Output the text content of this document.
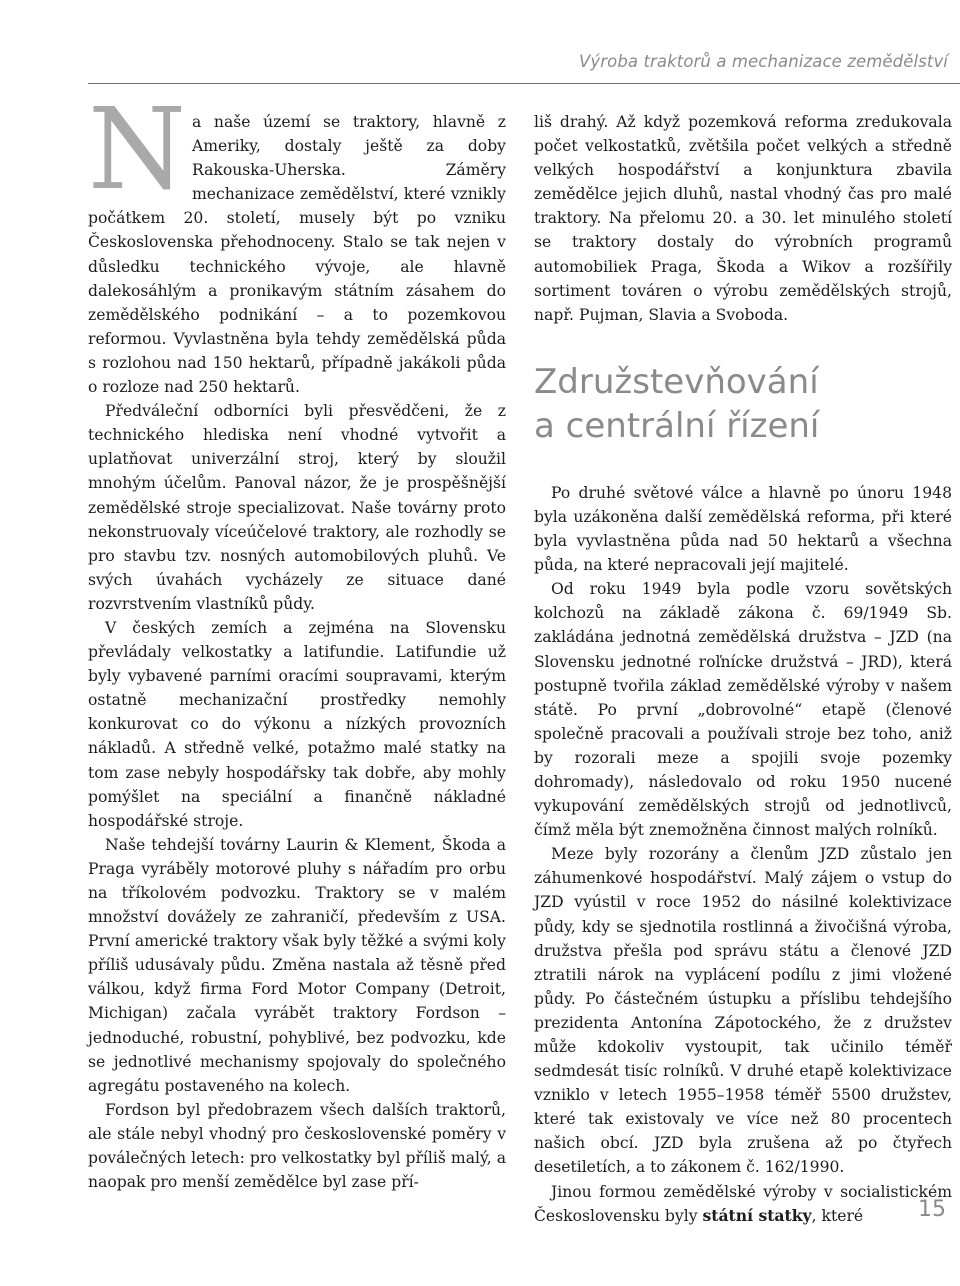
Výroba traktorů a mechanizace zemědělství

Na naše území se traktory, hlavně z Ameriky, dostaly ještě za doby Rakouska-Uherska. Záměry mechanizace zemědělství, které vznikly počátkem 20. století, musely být po vzniku Československa přehodnoceny. Stalo se tak nejen v důsledku technického vývoje, ale hlavně dalekosáhlým a pronikavým státním zásahem do zemědělského podnikání – a to pozemkovou reformou. Vyvlastněna byla tehdy zemědělská půda s rozlohou nad 150 hektarů, případně jakákoli půda o rozloze nad 250 hektarů.

Předváleční odborníci byli přesvědčeni, že z technického hlediska není vhodné vytvořit a uplatňovat univerzální stroj, který by sloužil mnohým účelům. Panoval názor, že je prospěšnější zemědělské stroje specializovat. Naše továrny proto nekonstruovaly víceúčelové traktory, ale rozhodly se pro stavbu tzv. nosných automobilových pluhů. Ve svých úvahách vycházely ze situace dané rozvrstvením vlastníků půdy.

V českých zemích a zejména na Slovensku převládaly velkostatky a latifundie. Latifundie už byly vybavené parními oracími soupravami, kterým ostatně mechanizační prostředky nemohly konkurovat co do výkonu a nízkých provozních nákladů. A středně velké, potažmo malé statky na tom zase nebyly hospodářsky tak dobře, aby mohly pomýšlet na speciální a finančně nákladné hospodářské stroje.

Naše tehdejší továrny Laurin & Klement, Škoda a Praga vyráběly motorové pluhy s nářadím pro orbu na tříkolovém podvozku. Traktory se v malém množství dovážely ze zahraničí, především z USA. První americké traktory však byly těžké a svými koly příliš udusávaly půdu. Změna nastala až těsně před válkou, když firma Ford Motor Company (Detroit, Michigan) začala vyrábět traktory Fordson – jednoduché, robustní, pohyblivé, bez podvozku, kde se jednotlivé mechanismy spojovaly do společného agregátu postaveného na kolech.

Fordson byl předobrazem všech dalších traktorů, ale stále nebyl vhodný pro československé poměry v poválečných letech: pro velkostatky byl příliš malý, a naopak pro menší zemědělce byl zase pří-

liš drahý. Až když pozemková reforma zredukovala počet velkostatků, zvětšila počet velkých a středně velkých hospodářství a konjunktura zbavila zemědělce jejich dluhů, nastal vhodný čas pro malé traktory. Na přelomu 20. a 30. let minulého století se traktory dostaly do výrobních programů automobiliek Praga, Škoda a Wikov a rozšířily sortiment továren o výrobu zemědělských strojů, např. Pujman, Slavia a Svoboda.

Združstevňování
a centrální řízení

Po druhé světové válce a hlavně po únoru 1948 byla uzákoněna další zemědělská reforma, při které byla vyvlastněna půda nad 50 hektarů a všechna půda, na které nepracovali její majitelé.

Od roku 1949 byla podle vzoru sovětských kolchozů na základě zákona č. 69/1949 Sb. zakládána jednotná zemědělská družstva – JZD (na Slovensku jednotné roľnícke družstvá – JRD), která postupně tvořila základ zemědělské výroby v našem státě. Po první „dobrovolné“ etapě (členové společně pracovali a používali stroje bez toho, aniž by rozorali meze a spojili svoje pozemky dohromady), následovalo od roku 1950 nucené vykupování zemědělských strojů od jednotlivců, čímž měla být znemožněna činnost malých rolníků.

Meze byly rozorány a členům JZD zůstalo jen záhumenkové hospodářství. Malý zájem o vstup do JZD vyústil v roce 1952 do násilné kolektivizace půdy, kdy se sjednotila rostlinná a živočišná výroba, družstva přešla pod správu státu a členové JZD ztratili nárok na vyplácení podílu z jimi vložené půdy. Po částečném ústupku a příslibu tehdejšího prezidenta Antonína Zápotockého, že z družstev může kdokoliv vystoupit, tak učinilo téměř sedmdesát tisíc rolníků. V druhé etapě kolektivizace vzniklo v letech 1955–1958 téměř 5500 družstev, které tak existovaly ve více než 80 procentech našich obcí. JZD byla zrušena až po čtyřech desetiletích, a to zákonem č. 162/1990.

Jinou formou zemědělské výroby v socialistickém Československu byly státní statky, které	15
